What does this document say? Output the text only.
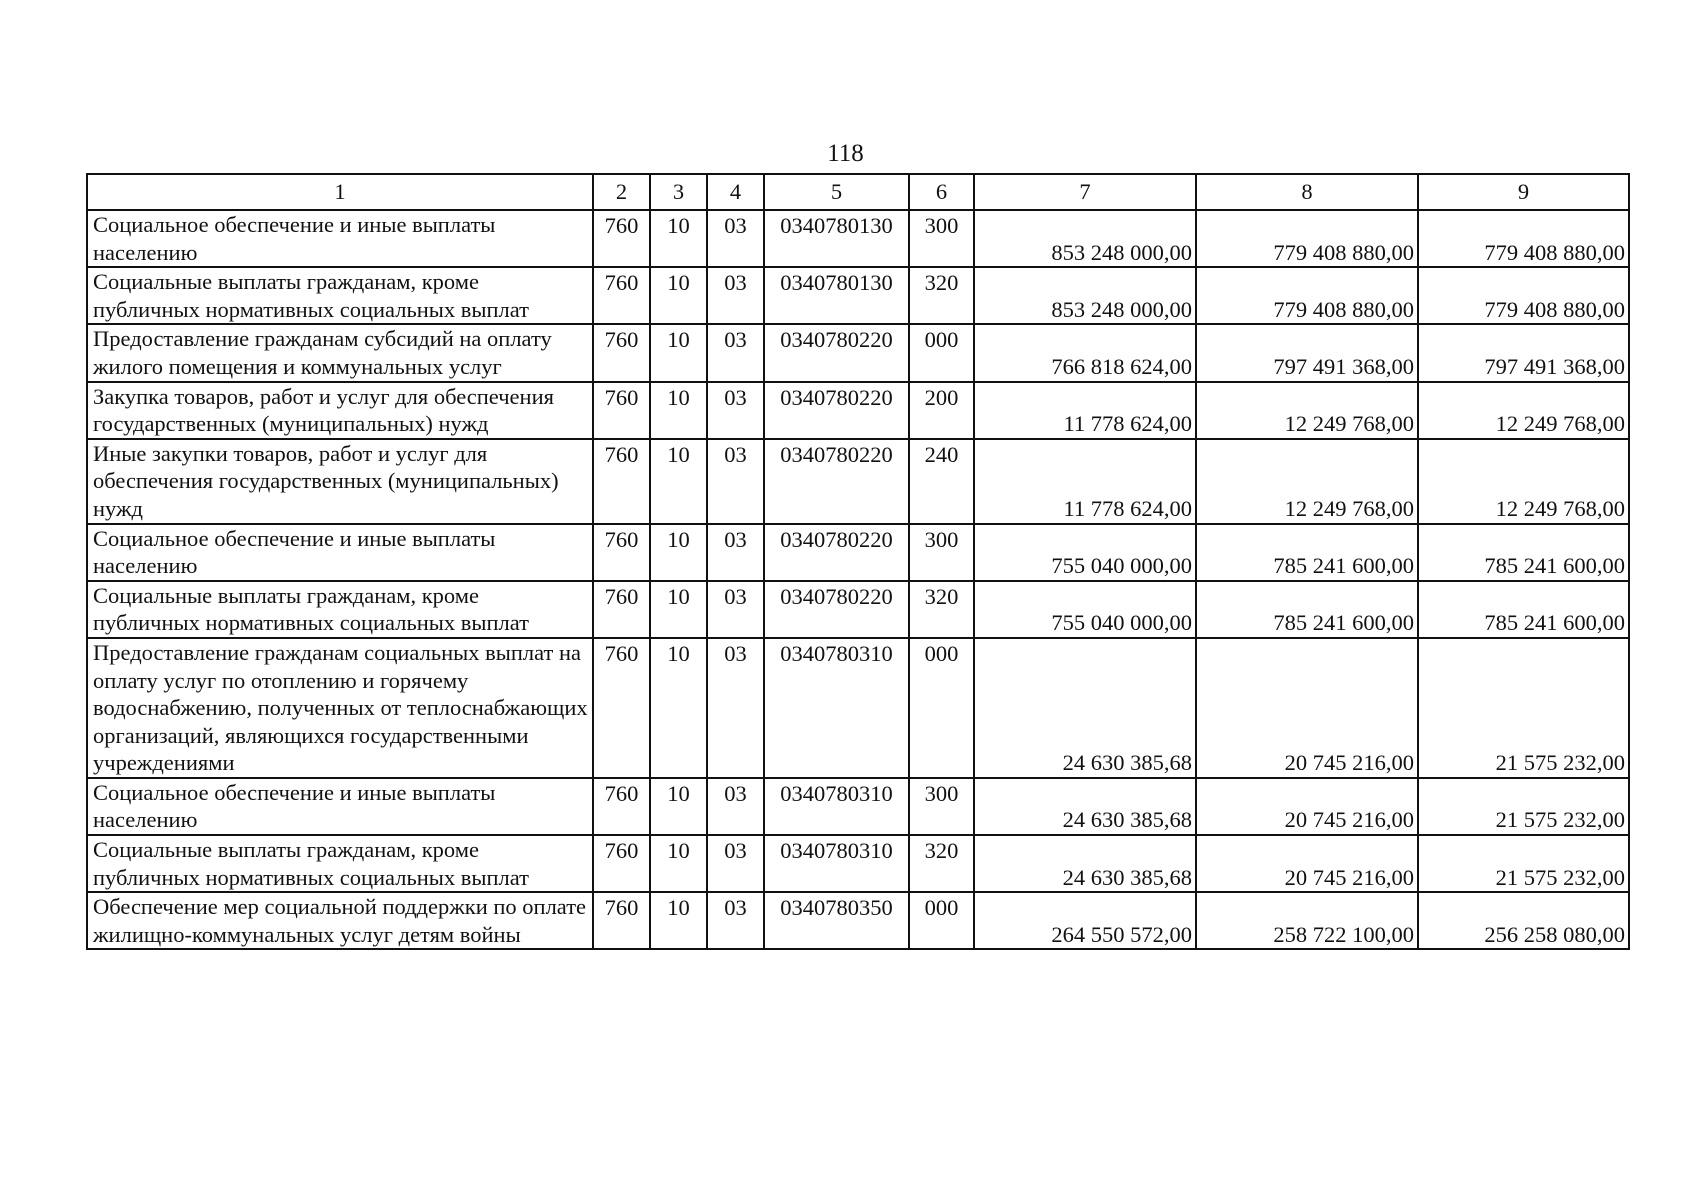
118
1	2	3	4	5	6	7	8	9
Социальное обеспечение и иные выплаты населению	760	10	03	0340780130	300	853 248 000,00	779 408 880,00	779 408 880,00
Социальные выплаты гражданам, кроме публичных нормативных социальных выплат	760	10	03	0340780130	320	853 248 000,00	779 408 880,00	779 408 880,00
Предоставление гражданам субсидий на оплату жилого помещения и коммунальных услуг	760	10	03	0340780220	000	766 818 624,00	797 491 368,00	797 491 368,00
Закупка товаров, работ и услуг для обеспечения государственных (муниципальных) нужд	760	10	03	0340780220	200	11 778 624,00	12 249 768,00	12 249 768,00
Иные закупки товаров, работ и услуг для обеспечения государственных (муниципальных) нужд	760	10	03	0340780220	240	11 778 624,00	12 249 768,00	12 249 768,00
Социальное обеспечение и иные выплаты населению	760	10	03	0340780220	300	755 040 000,00	785 241 600,00	785 241 600,00
Социальные выплаты гражданам, кроме публичных нормативных социальных выплат	760	10	03	0340780220	320	755 040 000,00	785 241 600,00	785 241 600,00
Предоставление гражданам социальных выплат на оплату услуг по отоплению и горячему водоснабжению, полученных от теплоснабжающих организаций, являющихся государственными учреждениями	760	10	03	0340780310	000	24 630 385,68	20 745 216,00	21 575 232,00
Социальное обеспечение и иные выплаты населению	760	10	03	0340780310	300	24 630 385,68	20 745 216,00	21 575 232,00
Социальные выплаты гражданам, кроме публичных нормативных социальных выплат	760	10	03	0340780310	320	24 630 385,68	20 745 216,00	21 575 232,00
Обеспечение мер социальной поддержки по оплате жилищно-коммунальных услуг детям войны	760	10	03	0340780350	000	264 550 572,00	258 722 100,00	256 258 080,00
